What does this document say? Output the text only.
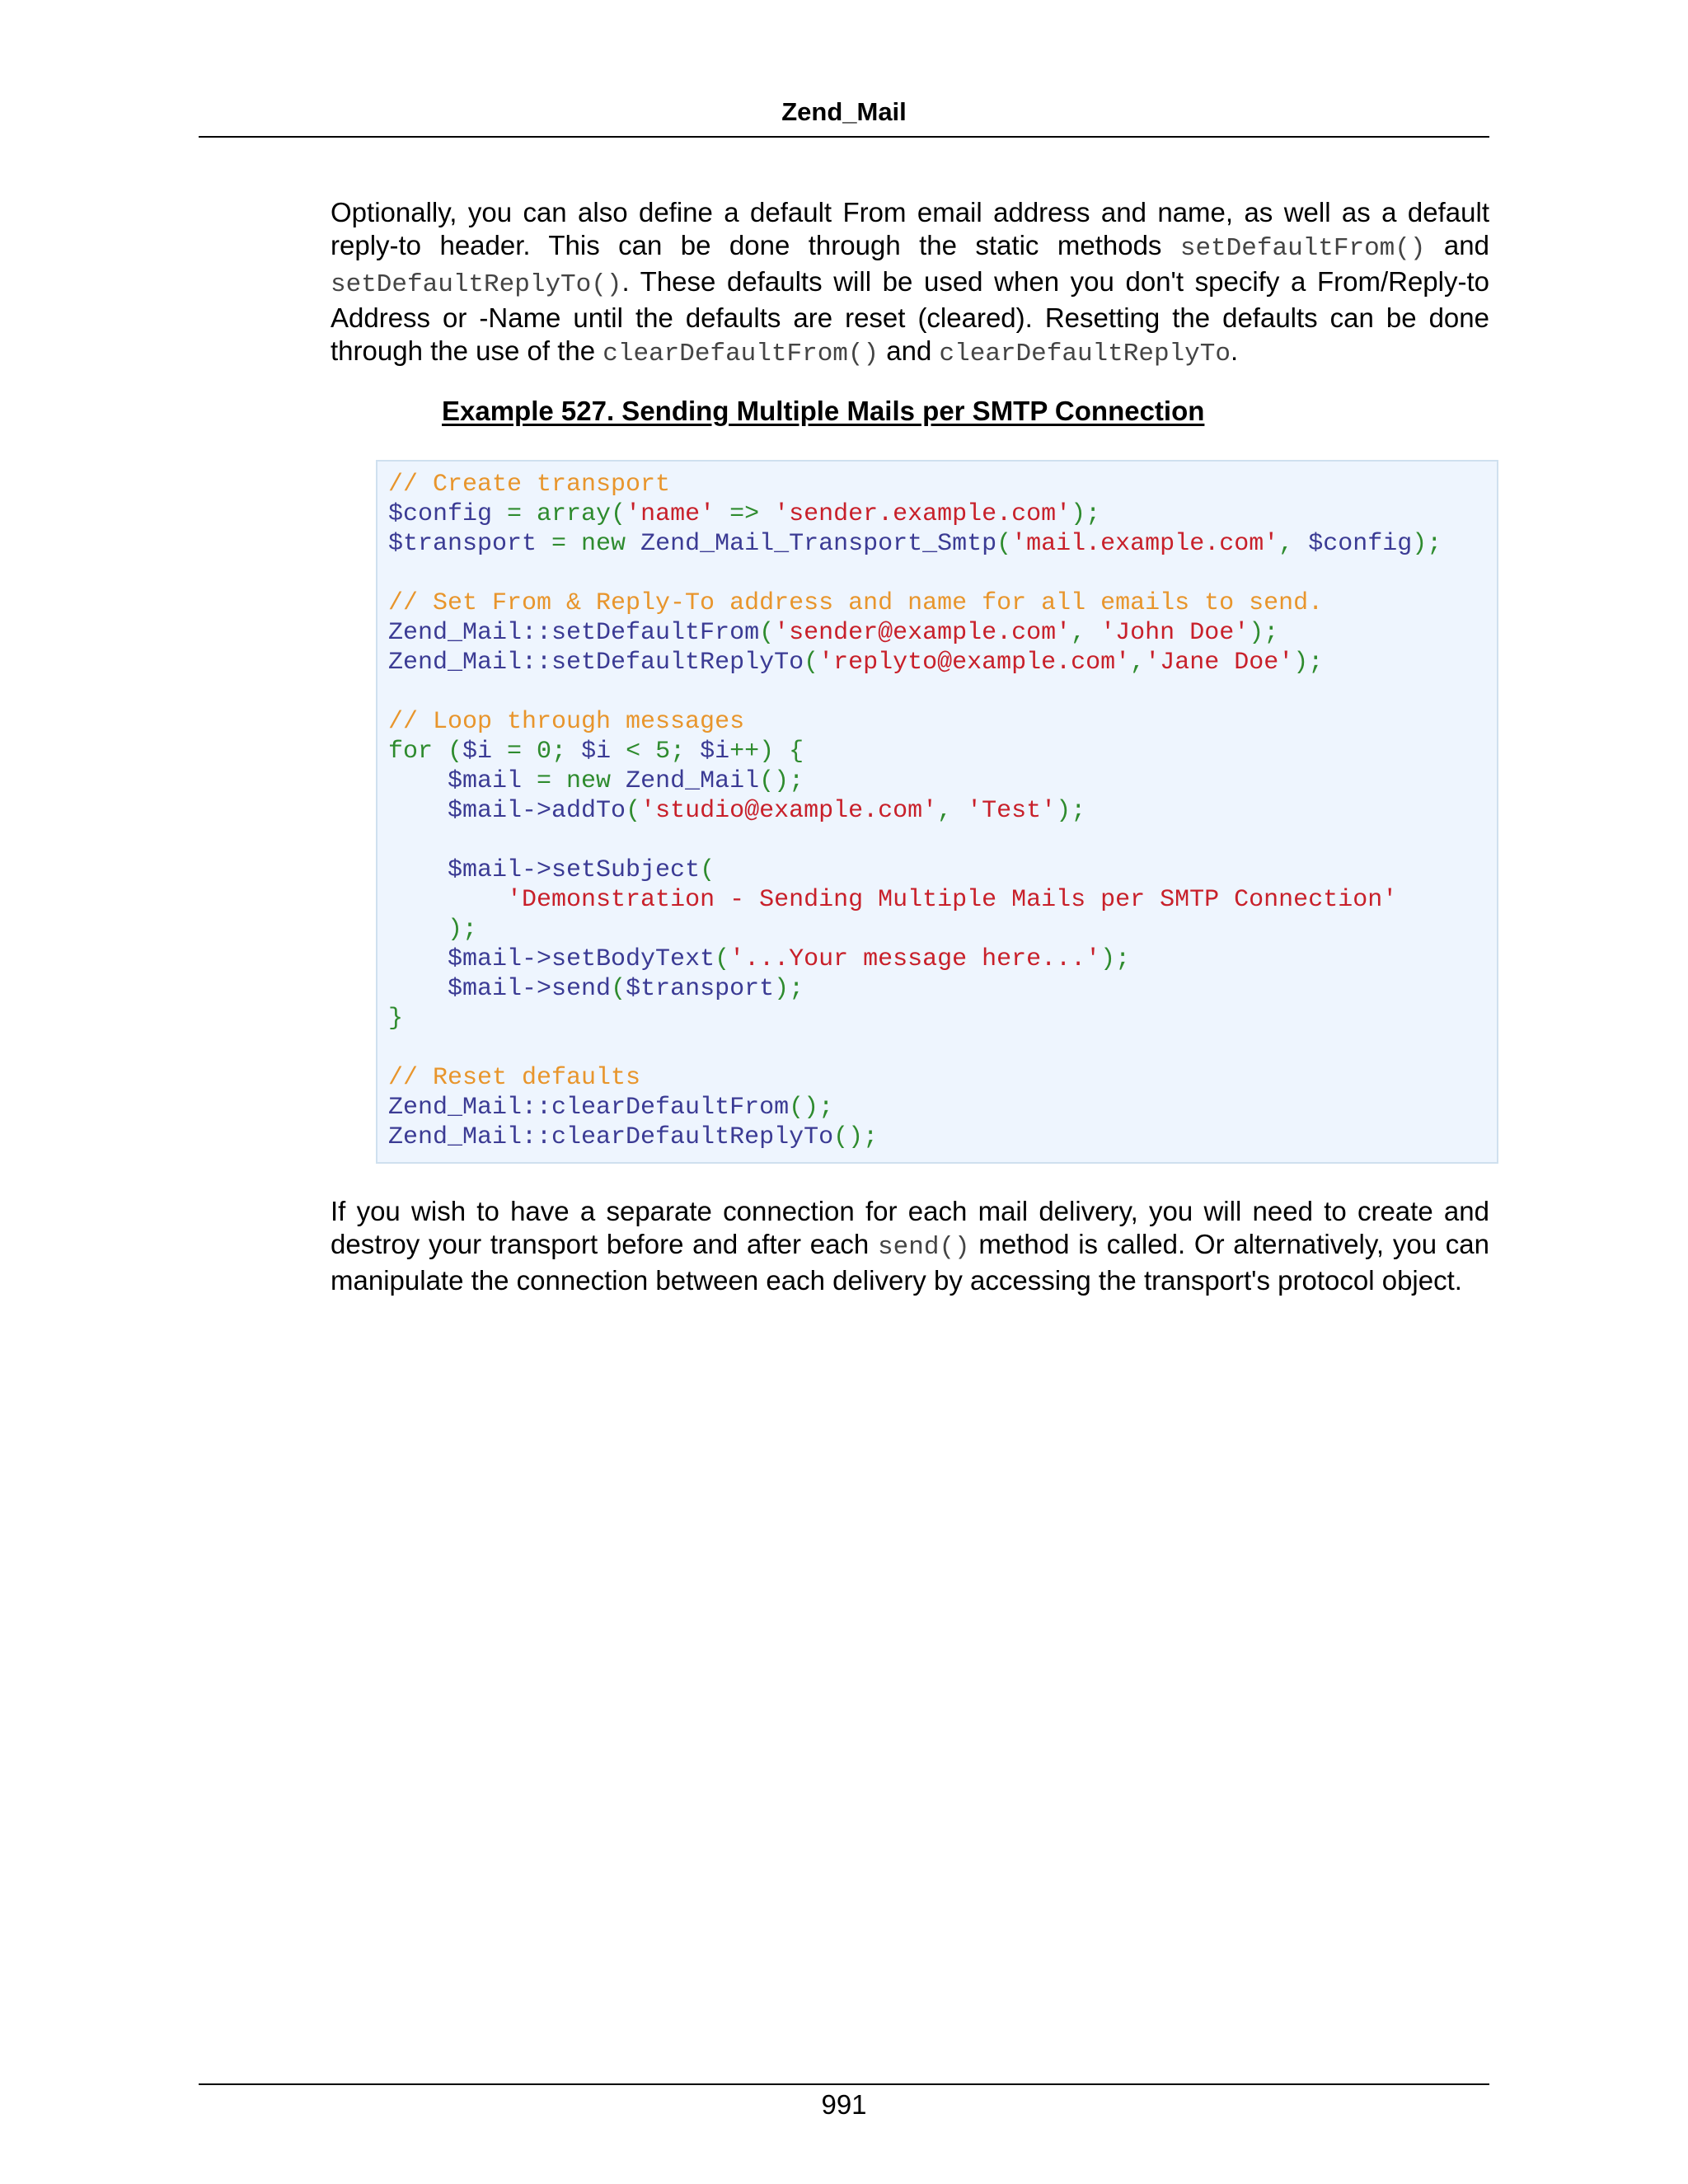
Zend_Mail
Optionally, you can also define a default From email address and name, as well as a default reply-to header. This can be done through the static methods setDefaultFrom() and setDefaultReplyTo(). These defaults will be used when you don't specify a From/Reply-to Address or -Name until the defaults are reset (cleared). Resetting the defaults can be done through the use of the clearDefaultFrom() and clearDefaultReplyTo.
Example 527. Sending Multiple Mails per SMTP Connection
// Create transport
$config = array('name' => 'sender.example.com');
$transport = new Zend_Mail_Transport_Smtp('mail.example.com', $config);
// Set From & Reply-To address and name for all emails to send.
Zend_Mail::setDefaultFrom('sender@example.com', 'John Doe');
Zend_Mail::setDefaultReplyTo('replyto@example.com','Jane Doe');
// Loop through messages
for ($i = 0; $i < 5; $i++) {
$mail = new Zend_Mail();
$mail->addTo('studio@example.com', 'Test');
$mail->setSubject(
'Demonstration - Sending Multiple Mails per SMTP Connection'
);
$mail->setBodyText('...Your message here...');
$mail->send($transport);
}
// Reset defaults
Zend_Mail::clearDefaultFrom();
Zend_Mail::clearDefaultReplyTo();
If you wish to have a separate connection for each mail delivery, you will need to create and destroy your transport before and after each send() method is called. Or alternatively, you can manipulate the connection between each delivery by accessing the transport's protocol object.
991
